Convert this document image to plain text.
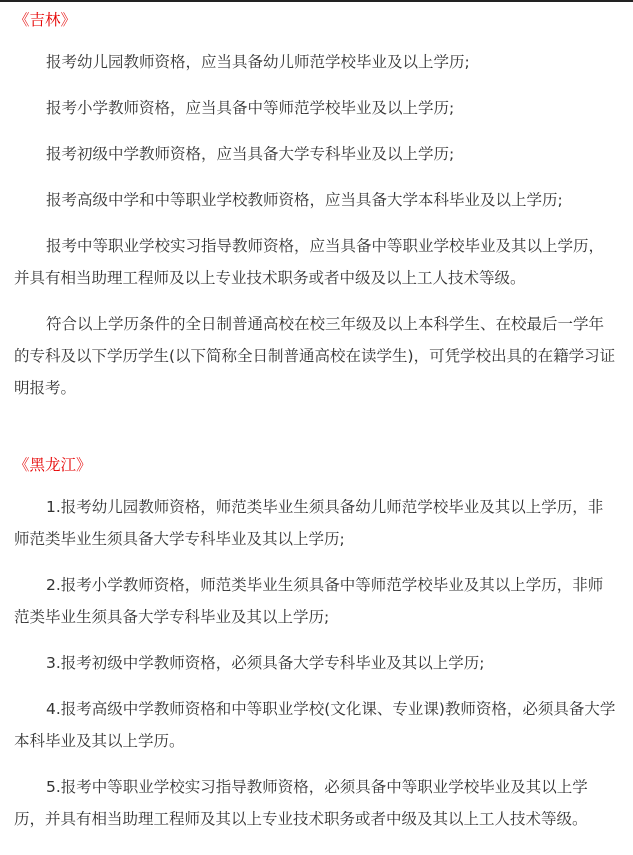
《吉林》

报考幼儿园教师资格，应当具备幼儿师范学校毕业及以上学历;

报考小学教师资格，应当具备中等师范学校毕业及以上学历;

报考初级中学教师资格，应当具备大学专科毕业及以上学历;

报考高级中学和中等职业学校教师资格，应当具备大学本科毕业及以上学历;

报考中等职业学校实习指导教师资格，应当具备中等职业学校毕业及其以上学历，
并具有相当助理工程师及以上专业技术职务或者中级及以上工人技术等级。

符合以上学历条件的全日制普通高校在校三年级及以上本科学生、在校最后一学年
的专科及以下学历学生(以下简称全日制普通高校在读学生)，可凭学校出具的在籍学习证
明报考。

《黑龙江》

1.报考幼儿园教师资格，师范类毕业生须具备幼儿师范学校毕业及其以上学历，非
师范类毕业生须具备大学专科毕业及其以上学历;

2.报考小学教师资格，师范类毕业生须具备中等师范学校毕业及其以上学历，非师
范类毕业生须具备大学专科毕业及其以上学历;

3.报考初级中学教师资格，必须具备大学专科毕业及其以上学历;

4.报考高级中学教师资格和中等职业学校(文化课、专业课)教师资格，必须具备大学
本科毕业及其以上学历。

5.报考中等职业学校实习指导教师资格，必须具备中等职业学校毕业及其以上学
历，并具有相当助理工程师及其以上专业技术职务或者中级及其以上工人技术等级。
